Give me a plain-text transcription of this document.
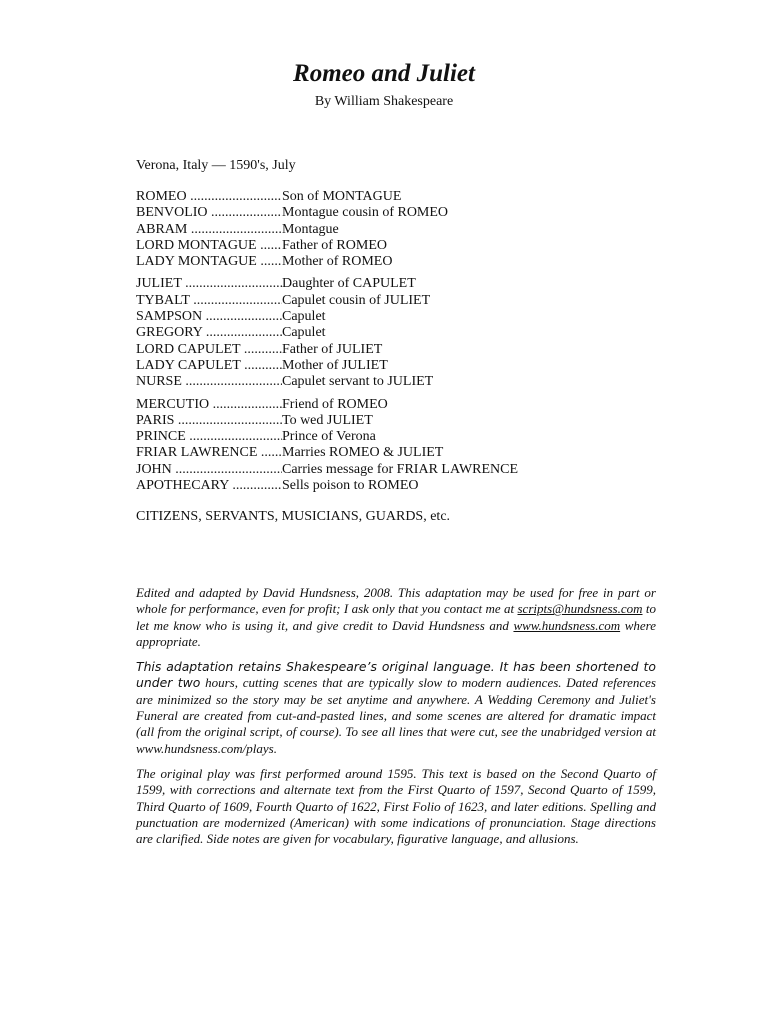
Romeo and Juliet
By William Shakespeare
Verona, Italy — 1590's, July
ROMEO .....	Son of MONTAGUE
BENVOLIO .....	Montague cousin of ROMEO
ABRAM .....	Montague
LORD MONTAGUE .....	Father of ROMEO
LADY MONTAGUE .....	Mother of ROMEO
JULIET .....	Daughter of CAPULET
TYBALT .....	Capulet cousin of JULIET
SAMPSON .....	Capulet
GREGORY .....	Capulet
LORD CAPULET .....	Father of JULIET
LADY CAPULET .....	Mother of JULIET
NURSE .....	Capulet servant to JULIET
MERCUTIO .....	Friend of ROMEO
PARIS .....	To wed JULIET
PRINCE .....	Prince of Verona
FRIAR LAWRENCE .....	Marries ROMEO & JULIET
JOHN .....	Carries message for FRIAR LAWRENCE
APOTHECARY .....	Sells poison to ROMEO
CITIZENS, SERVANTS, MUSICIANS, GUARDS, etc.

Edited and adapted by David Hundsness, 2008. This adaptation may be used for free in part or whole for performance, even for profit; I ask only that you contact me at scripts@hundsness.com to let me know who is using it, and give credit to David Hundsness and www.hundsness.com where appropriate.

This adaptation retains Shakespeare’s original language. It has been shortened to under two hours, cutting scenes that are typically slow to modern audiences. Dated references are minimized so the story may be set anytime and anywhere. A Wedding Ceremony and Juliet's Funeral are created from cut-and-pasted lines, and some scenes are altered for dramatic impact (all from the original script, of course). To see all lines that were cut, see the unabridged version at www.hundsness.com/plays.

The original play was first performed around 1595. This text is based on the Second Quarto of 1599, with corrections and alternate text from the First Quarto of 1597, Second Quarto of 1599, Third Quarto of 1609, Fourth Quarto of 1622, First Folio of 1623, and later editions. Spelling and punctuation are modernized (American) with some indications of pronunciation. Stage directions are clarified. Side notes are given for vocabulary, figurative language, and allusions.
